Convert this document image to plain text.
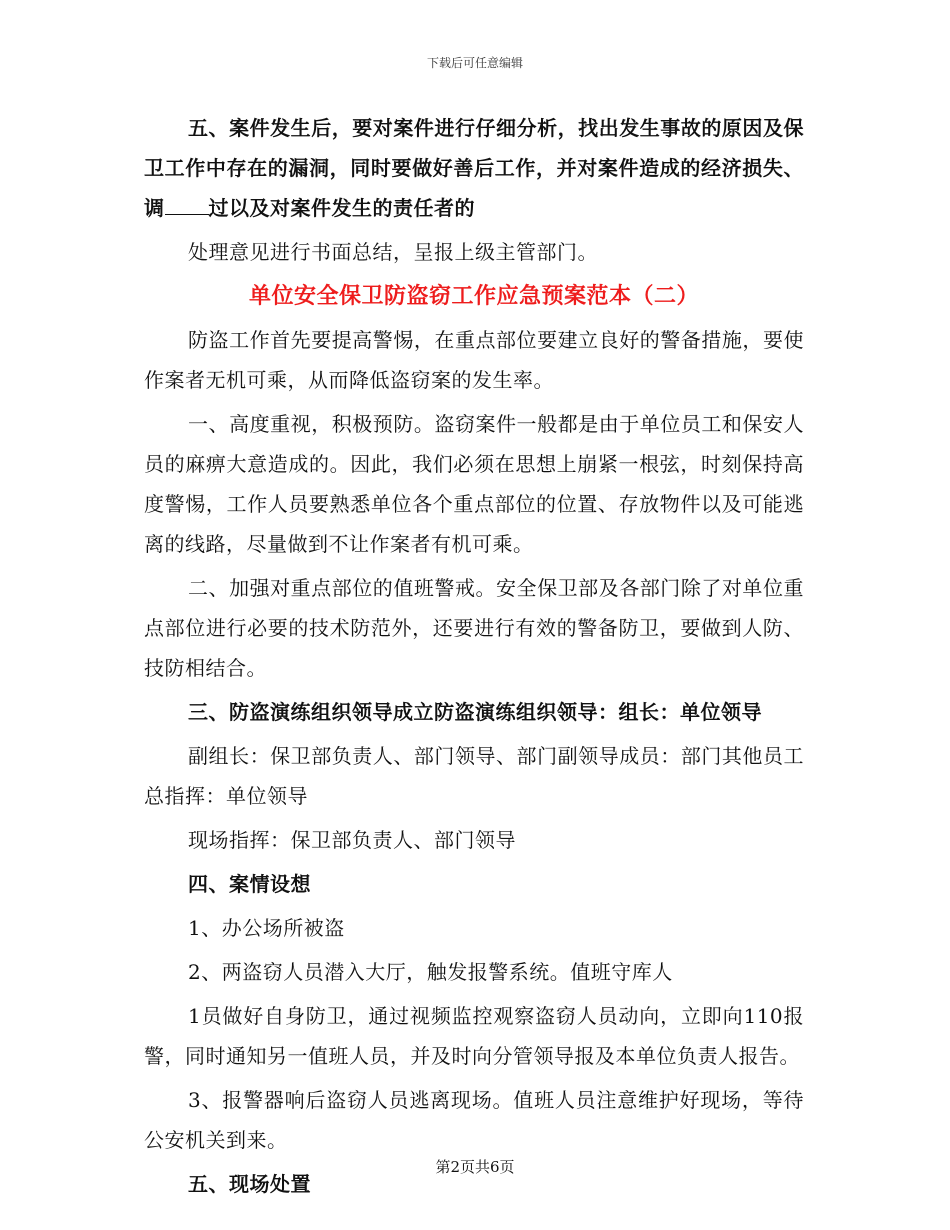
下载后可任意编辑

五、案件发生后，要对案件进行仔细分析，找出发生事故的原因及保卫工作中存在的漏洞，同时要做好善后工作，并对案件造成的经济损失、调 过以及对案件发生的责任者的

处理意见进行书面总结，呈报上级主管部门。

单位安全保卫防盗窃工作应急预案范本（二）

防盗工作首先要提高警惕，在重点部位要建立良好的警备措施，要使作案者无机可乘，从而降低盗窃案的发生率。

一、高度重视，积极预防。盗窃案件一般都是由于单位员工和保安人员的麻痹大意造成的。因此，我们必须在思想上崩紧一根弦，时刻保持高度警惕，工作人员要熟悉单位各个重点部位的位置、存放物件以及可能逃离的线路，尽量做到不让作案者有机可乘。

二、加强对重点部位的值班警戒。安全保卫部及各部门除了对单位重点部位进行必要的技术防范外，还要进行有效的警备防卫，要做到人防、技防相结合。

三、防盗演练组织领导成立防盗演练组织领导：组长：单位领导

副组长：保卫部负责人、部门领导、部门副领导成员：部门其他员工总指挥：单位领导

现场指挥：保卫部负责人、部门领导

四、案情设想

1、办公场所被盗

2、两盗窃人员潜入大厅，触发报警系统。值班守库人

1员做好自身防卫，通过视频监控观察盗窃人员动向，立即向110报警，同时通知另一值班人员，并及时向分管领导报及本单位负责人报告。

3、报警器响后盗窃人员逃离现场。值班人员注意维护好现场，等待公安机关到来。

五、现场处置

第2页共6页
